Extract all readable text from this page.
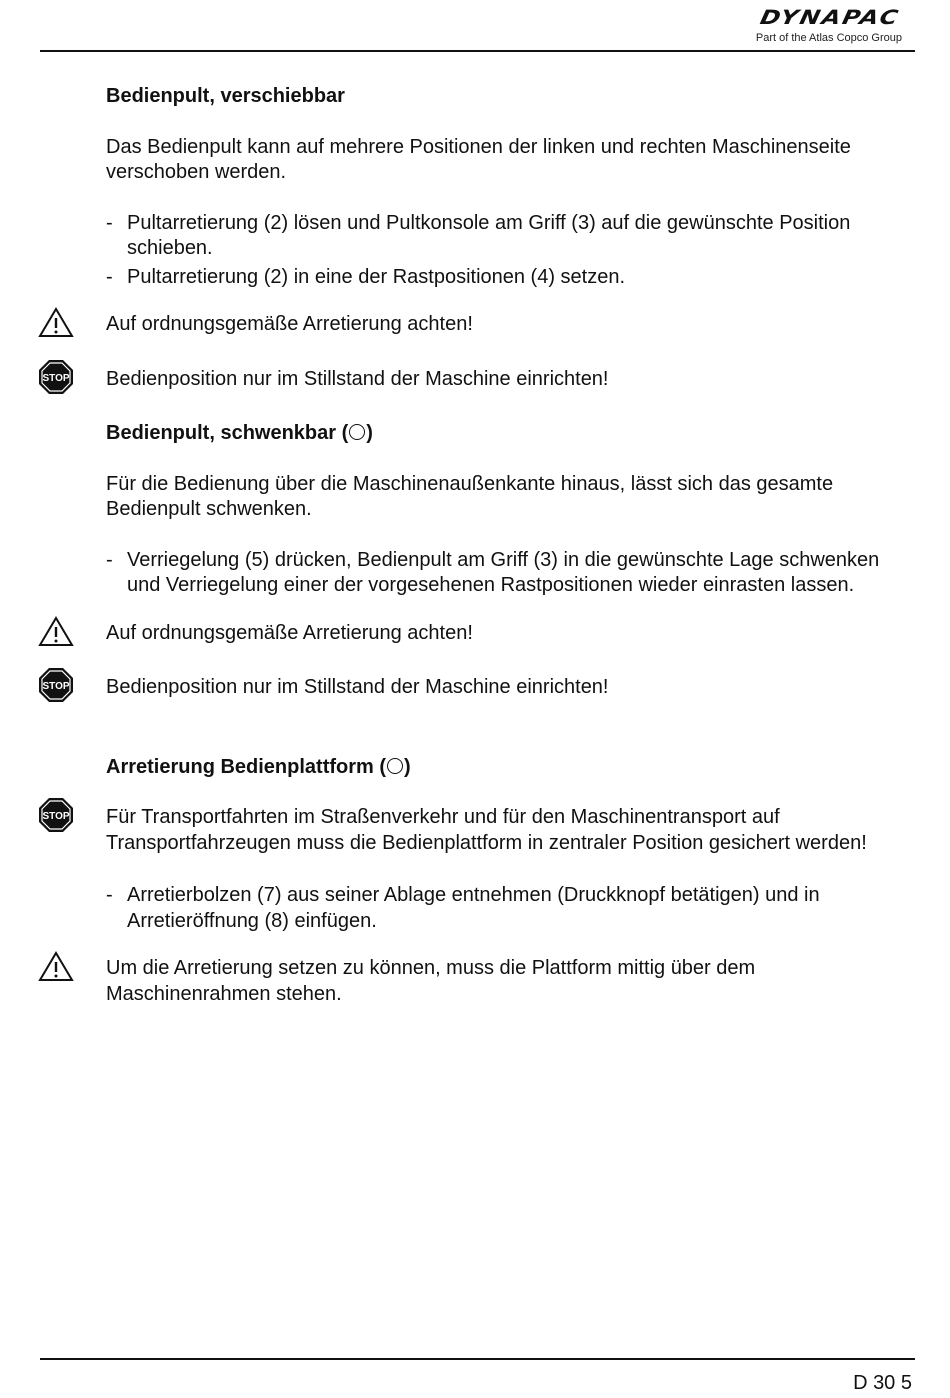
DYNAPAC
Part of the Atlas Copco Group

Bedienpult, verschiebbar

Das Bedienpult kann auf mehrere Positionen der linken und rechten Maschinenseite verschoben werden.

- Pultarretierung (2) lösen und Pultkonsole am Griff (3) auf die gewünschte Position schieben.

- Pultarretierung (2) in eine der Rastpositionen (4) setzen.

Auf ordnungsgemäße Arretierung achten!

STOP Bedienposition nur im Stillstand der Maschine einrichten!

Bedienpult, schwenkbar ( )

Für die Bedienung über die Maschinenaußenkante hinaus, lässt sich das gesamte Bedienpult schwenken.

- Verriegelung (5) drücken, Bedienpult am Griff (3) in die gewünschte Lage schwenken und Verriegelung einer der vorgesehenen Rastpositionen wieder einrasten lassen.

Auf ordnungsgemäße Arretierung achten!

STOP Bedienposition nur im Stillstand der Maschine einrichten!

Arretierung Bedienplattform ( )

STOP Für Transportfahrten im Straßenverkehr und für den Maschinentransport auf Transportfahrzeugen muss die Bedienplattform in zentraler Position gesichert werden!

- Arretierbolzen (7) aus seiner Ablage entnehmen (Druckknopf betätigen) und in Arretieröffnung (8) einfügen.

Um die Arretierung setzen zu können, muss die Plattform mittig über dem Maschinenrahmen stehen.

D 30 5
